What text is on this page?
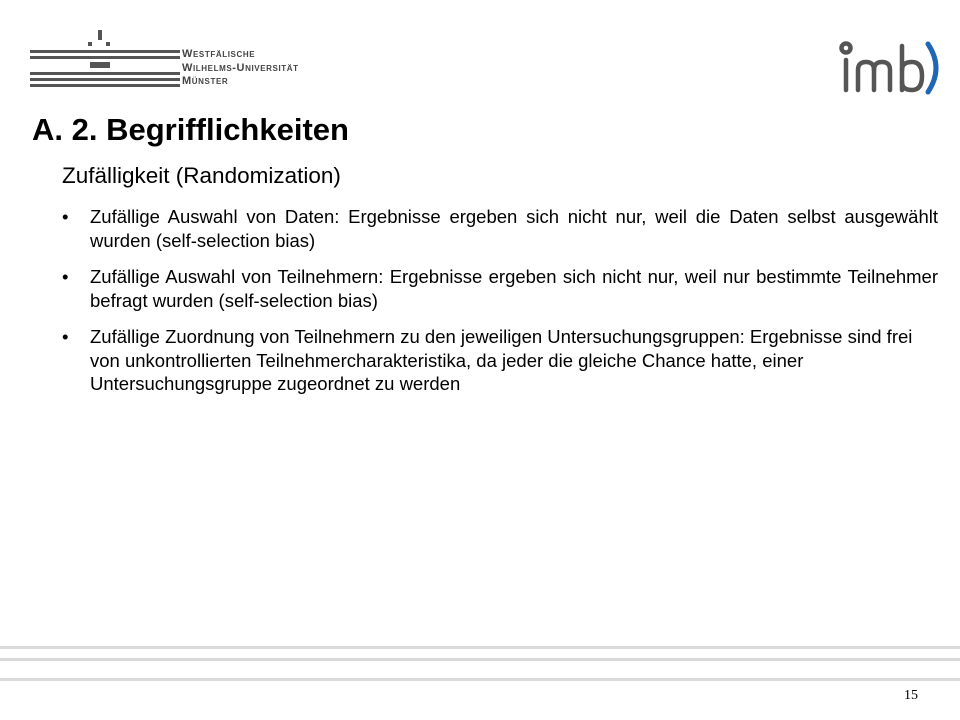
Westfälische
Wilhelms-Universität
Münster
A. 2. Begrifflichkeiten
Zufälligkeit (Randomization)
• Zufällige Auswahl von Daten: Ergebnisse ergeben sich nicht nur, weil die Daten selbst ausgewählt wurden (self-selection bias)
• Zufällige Auswahl von Teilnehmern: Ergebnisse ergeben sich nicht nur, weil nur bestimmte Teilnehmer befragt wurden (self-selection bias)
• Zufällige Zuordnung von Teilnehmern zu den jeweiligen Untersuchungsgruppen: Ergebnisse sind frei von unkontrollierten Teilnehmercharakteristika, da jeder die gleiche Chance hatte, einer Untersuchungsgruppe zugeordnet zu werden
15
